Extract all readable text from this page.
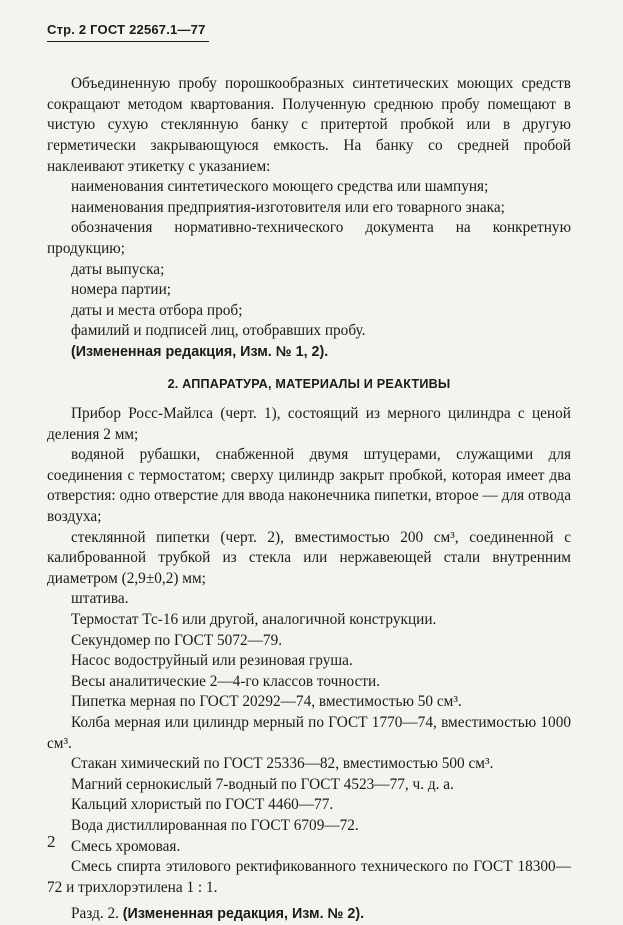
Стр. 2 ГОСТ 22567.1—77

Объединенную пробу порошкообразных синтетических моющих средств сокращают методом квартования. Полученную среднюю пробу помещают в чистую сухую стеклянную банку с притертой пробкой или в другую герметически закрывающуюся емкость. На банку со средней пробой наклеивают этикетку с указанием:

наименования синтетического моющего средства или шампуня;

наименования предприятия-изготовителя или его товарного знака;

обозначения нормативно-технического документа на конкретную продукцию;

даты выпуска;

номера партии;

даты и места отбора проб;

фамилий и подписей лиц, отобравших пробу.

(Измененная редакция, Изм. № 1, 2).

2. АППАРАТУРА, МАТЕРИАЛЫ И РЕАКТИВЫ

Прибор Росс-Майлса (черт. 1), состоящий из мерного цилиндра с ценой деления 2 мм;

водяной рубашки, снабженной двумя штуцерами, служащими для соединения с термостатом; сверху цилиндр закрыт пробкой, которая имеет два отверстия: одно отверстие для ввода наконечника пипетки, второе — для отвода воздуха;

стеклянной пипетки (черт. 2), вместимостью 200 см³, соединенной с калиброванной трубкой из стекла или нержавеющей стали внутренним диаметром (2,9±0,2) мм;

штатива.

Термостат Тс-16 или другой, аналогичной конструкции.

Секундомер по ГОСТ 5072—79.

Насос водоструйный или резиновая груша.

Весы аналитические 2—4-го классов точности.

Пипетка мерная по ГОСТ 20292—74, вместимостью 50 см³.

Колба мерная или цилиндр мерный по ГОСТ 1770—74, вместимостью 1000 см³.

Стакан химический по ГОСТ 25336—82, вместимостью 500 см³.

Магний сернокислый 7-водный по ГОСТ 4523—77, ч. д. а.

Кальций хлористый по ГОСТ 4460—77.

Вода дистиллированная по ГОСТ 6709—72.

Смесь хромовая.

Смесь спирта этилового ректификованного технического по ГОСТ 18300—72 и трихлорэтилена 1 : 1.

Разд. 2. (Измененная редакция, Изм. № 2).

2
